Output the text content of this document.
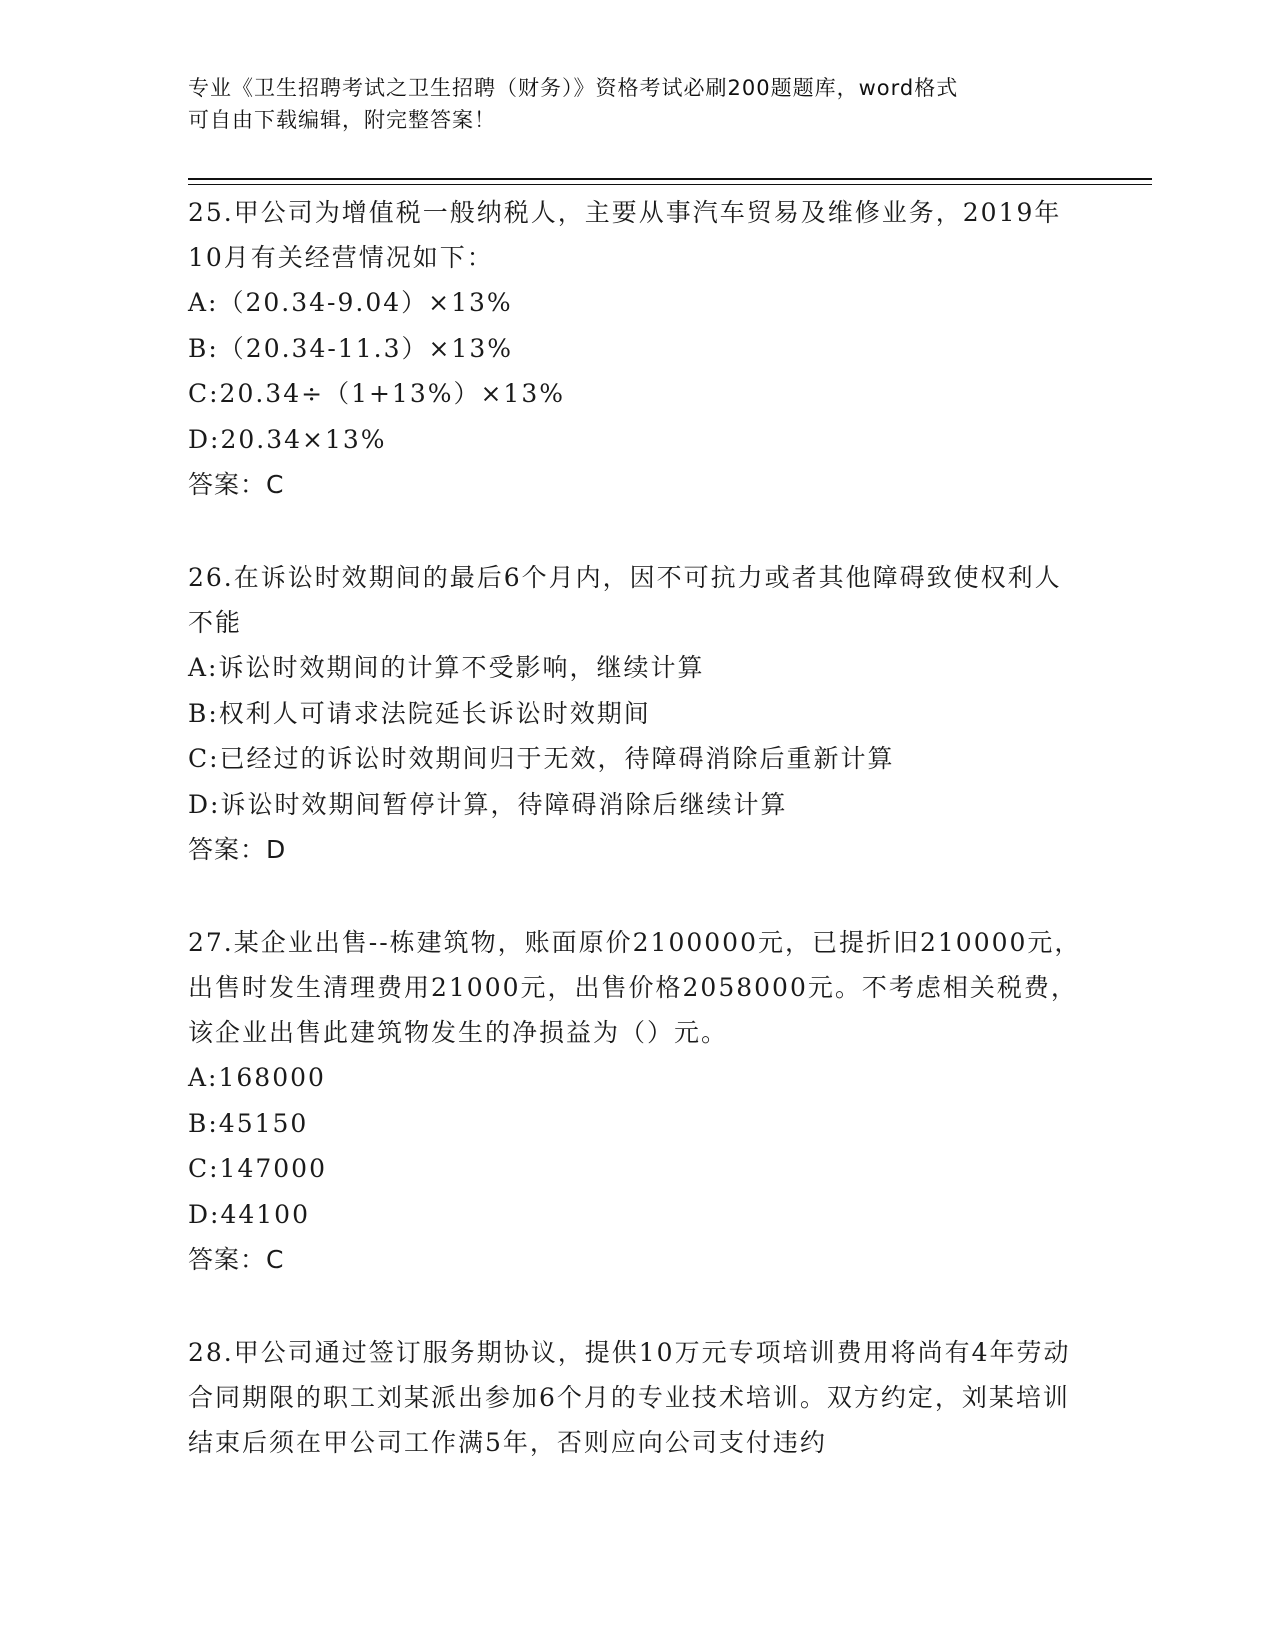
专业《卫生招聘考试之卫生招聘（财务）》资格考试必刷200题题库，word格式
可自由下载编辑，附完整答案！

25.甲公司为增值税一般纳税人，主要从事汽车贸易及维修业务，2019年10月有关经营情况如下：

A:（20.34-9.04）×13%

B:（20.34-11.3）×13%

C:20.34÷（1+13%）×13%

D:20.34×13%

答案：C

26.在诉讼时效期间的最后6个月内，因不可抗力或者其他障碍致使权利人不能

A:诉讼时效期间的计算不受影响，继续计算

B:权利人可请求法院延长诉讼时效期间

C:已经过的诉讼时效期间归于无效，待障碍消除后重新计算

D:诉讼时效期间暂停计算，待障碍消除后继续计算

答案：D

27.某企业出售--栋建筑物，账面原价2100000元，已提折旧210000元，出售时发生清理费用21000元，出售价格2058000元。不考虑相关税费，该企业出售此建筑物发生的净损益为（）元。

A:168000

B:45150

C:147000

D:44100

答案：C

28.甲公司通过签订服务期协议，提供10万元专项培训费用将尚有4年劳动合同期限的职工刘某派出参加6个月的专业技术培训。双方约定，刘某培训结束后须在甲公司工作满5年，否则应向公司支付违约
